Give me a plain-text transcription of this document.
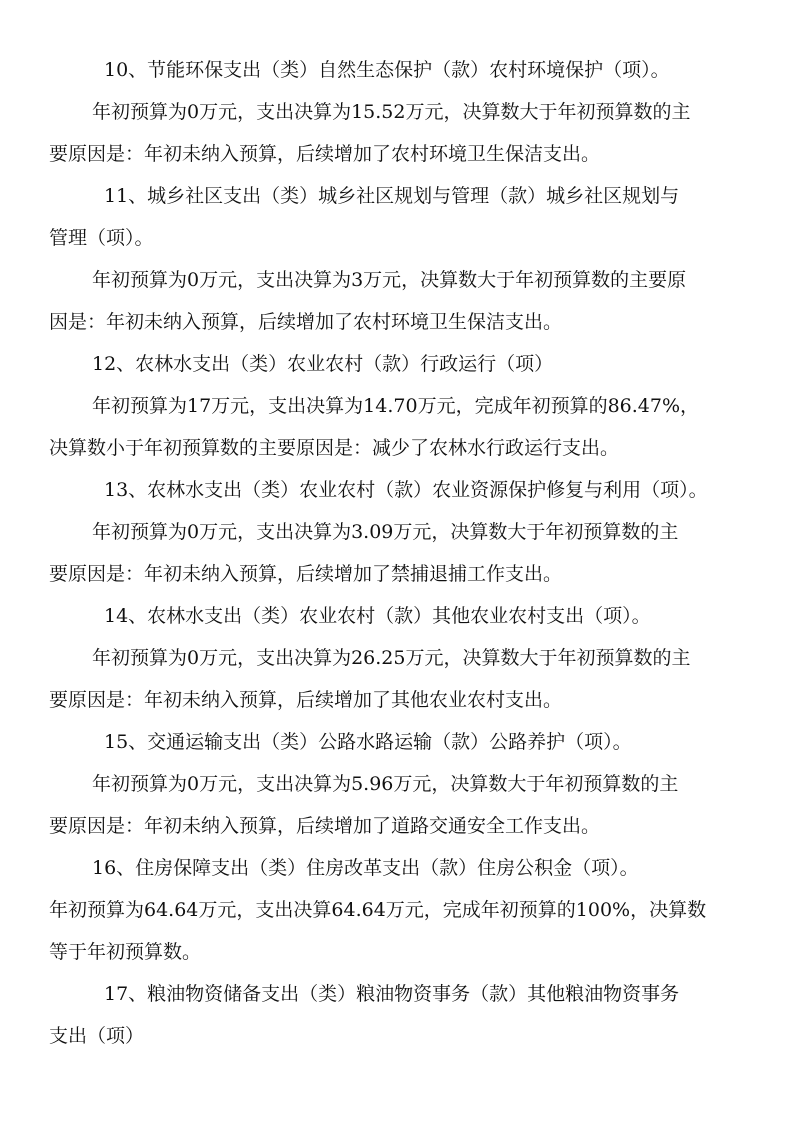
10、节能环保支出（类）自然生态保护（款）农村环境保护（项）。
年初预算为0万元，支出决算为15.52万元，决算数大于年初预算数的主
要原因是：年初未纳入预算，后续增加了农村环境卫生保洁支出。
11、城乡社区支出（类）城乡社区规划与管理（款）城乡社区规划与
管理（项）。
年初预算为0万元，支出决算为3万元，决算数大于年初预算数的主要原
因是：年初未纳入预算，后续增加了农村环境卫生保洁支出。
12、农林水支出（类）农业农村（款）行政运行（项）
年初预算为17万元，支出决算为14.70万元，完成年初预算的86.47%，
决算数小于年初预算数的主要原因是：减少了农林水行政运行支出。
13、农林水支出（类）农业农村（款）农业资源保护修复与利用（项）。
年初预算为0万元，支出决算为3.09万元，决算数大于年初预算数的主
要原因是：年初未纳入预算，后续增加了禁捕退捕工作支出。
14、农林水支出（类）农业农村（款）其他农业农村支出（项）。
年初预算为0万元，支出决算为26.25万元，决算数大于年初预算数的主
要原因是：年初未纳入预算，后续增加了其他农业农村支出。
15、交通运输支出（类）公路水路运输（款）公路养护（项）。
年初预算为0万元，支出决算为5.96万元，决算数大于年初预算数的主
要原因是：年初未纳入预算，后续增加了道路交通安全工作支出。
16、住房保障支出（类）住房改革支出（款）住房公积金（项）。
年初预算为64.64万元，支出决算64.64万元，完成年初预算的100%，决算数
等于年初预算数。
17、粮油物资储备支出（类）粮油物资事务（款）其他粮油物资事务
支出（项）
